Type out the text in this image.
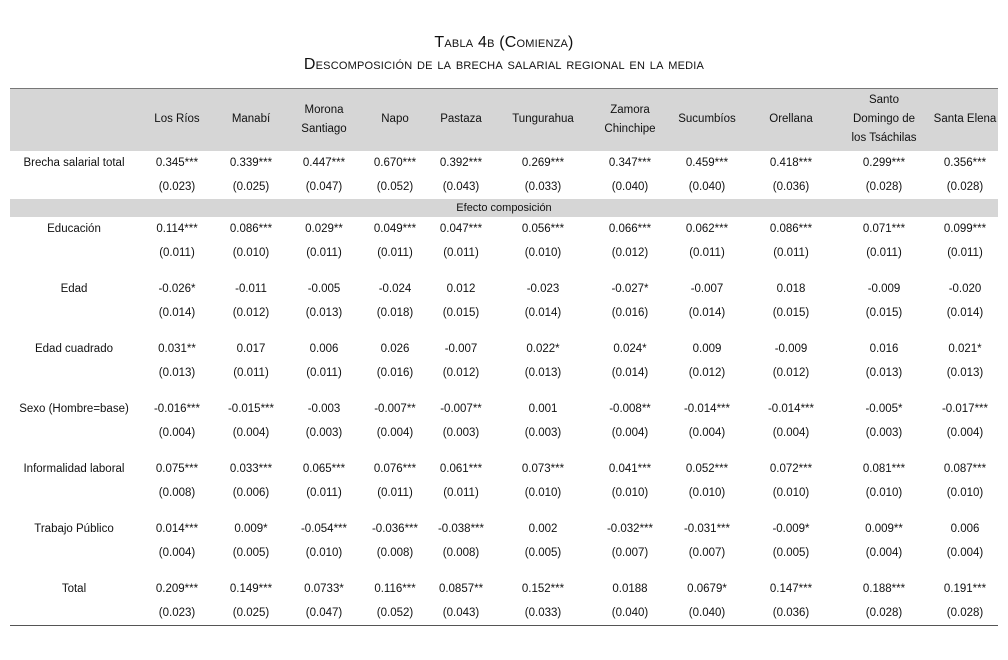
Tabla 4b (Comienza)
Descomposición de la brecha salarial regional en la media
	Los Ríos	Manabí	Morona Santiago	Napo	Pastaza	Tungurahua	Zamora Chinchipe	Sucumbíos	Orellana	Santo Domingo de los Tsáchilas	Santa Elena
Brecha salarial total	0.345***	0.339***	0.447***	0.670***	0.392***	0.269***	0.347***	0.459***	0.418***	0.299***	0.356***
	(0.023)	(0.025)	(0.047)	(0.052)	(0.043)	(0.033)	(0.040)	(0.040)	(0.036)	(0.028)	(0.028)
Efecto composición											
Educación	0.114***	0.086***	0.029**	0.049***	0.047***	0.056***	0.066***	0.062***	0.086***	0.071***	0.099***
	(0.011)	(0.010)	(0.011)	(0.011)	(0.011)	(0.010)	(0.012)	(0.011)	(0.011)	(0.011)	(0.011)

Edad	-0.026*	-0.011	-0.005	-0.024	0.012	-0.023	-0.027*	-0.007	0.018	-0.009	-0.020
	(0.014)	(0.012)	(0.013)	(0.018)	(0.015)	(0.014)	(0.016)	(0.014)	(0.015)	(0.015)	(0.014)

Edad cuadrado	0.031**	0.017	0.006	0.026	-0.007	0.022*	0.024*	0.009	-0.009	0.016	0.021*
	(0.013)	(0.011)	(0.011)	(0.016)	(0.012)	(0.013)	(0.014)	(0.012)	(0.012)	(0.013)	(0.013)

Sexo (Hombre=base)	-0.016***	-0.015***	-0.003	-0.007**	-0.007**	0.001	-0.008**	-0.014***	-0.014***	-0.005*	-0.017***
	(0.004)	(0.004)	(0.003)	(0.004)	(0.003)	(0.003)	(0.004)	(0.004)	(0.004)	(0.003)	(0.004)

Informalidad laboral	0.075***	0.033***	0.065***	0.076***	0.061***	0.073***	0.041***	0.052***	0.072***	0.081***	0.087***
	(0.008)	(0.006)	(0.011)	(0.011)	(0.011)	(0.010)	(0.010)	(0.010)	(0.010)	(0.010)	(0.010)

Trabajo Público	0.014***	0.009*	-0.054***	-0.036***	-0.038***	0.002	-0.032***	-0.031***	-0.009*	0.009**	0.006
	(0.004)	(0.005)	(0.010)	(0.008)	(0.008)	(0.005)	(0.007)	(0.007)	(0.005)	(0.004)	(0.004)

Total	0.209***	0.149***	0.0733*	0.116***	0.0857**	0.152***	0.0188	0.0679*	0.147***	0.188***	0.191***
	(0.023)	(0.025)	(0.047)	(0.052)	(0.043)	(0.033)	(0.040)	(0.040)	(0.036)	(0.028)	(0.028)
